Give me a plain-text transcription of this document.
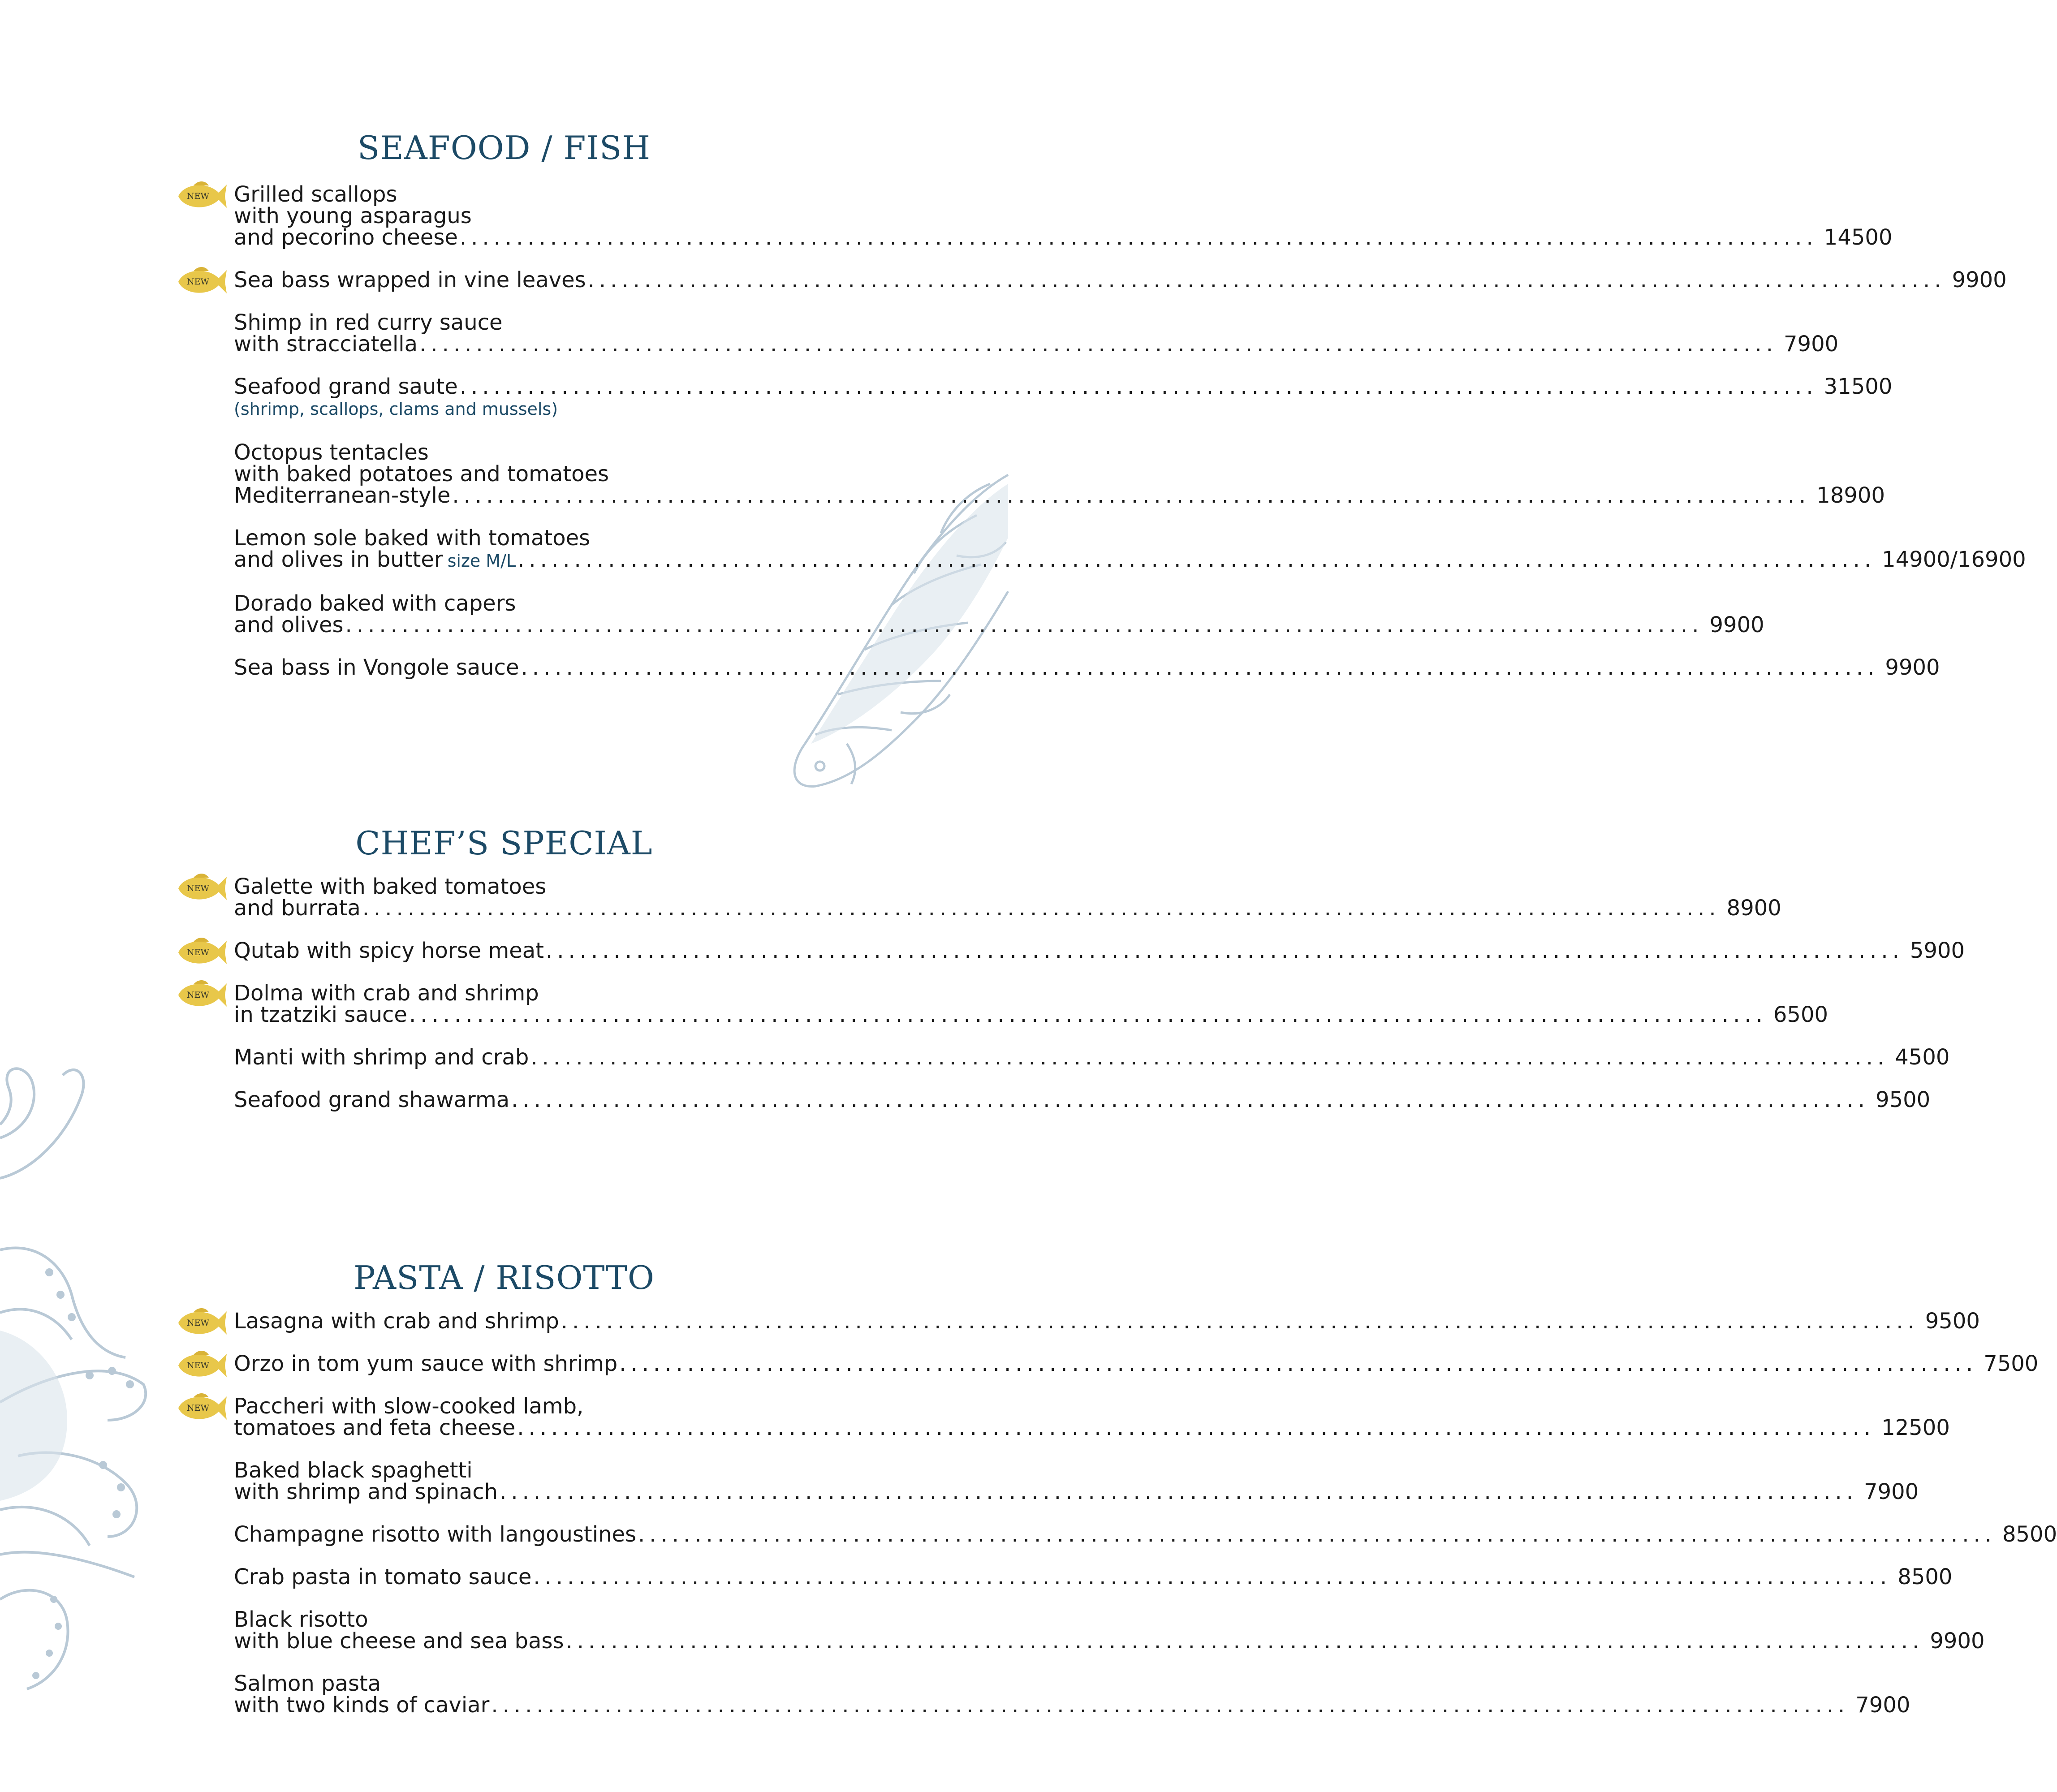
SEAFOOD / FISH
NEW Grilled scallops
with young asparagus
and pecorino cheese ........................................................................................................................ 14500
NEW Sea bass wrapped in vine leaves ........................................................................................................................ 9900
Shimp in red curry sauce
with stracciatella ........................................................................................................................ 7900
Seafood grand saute ........................................................................................................................ 31500
(shrimp, scallops, clams and mussels)
Octopus tentacles
with baked potatoes and tomatoes
Mediterranean-style ........................................................................................................................ 18900
Lemon sole baked with tomatoes
and olives in butter size M/L ........................................................................................................................ 14900/16900
Dorado baked with capers
and olives ........................................................................................................................ 9900
Sea bass in Vongole sauce ........................................................................................................................ 9900
CHEF’S SPECIAL
NEW Galette with baked tomatoes
and burrata ........................................................................................................................ 8900
NEW Qutab with spicy horse meat ........................................................................................................................ 5900
NEW Dolma with crab and shrimp
in tzatziki sauce ........................................................................................................................ 6500
Manti with shrimp and crab ........................................................................................................................ 4500
Seafood grand shawarma ........................................................................................................................ 9500
PASTA / RISOTTO
NEW Lasagna with crab and shrimp ........................................................................................................................ 9500
NEW Orzo in tom yum sauce with shrimp ........................................................................................................................ 7500
NEW Paccheri with slow-cooked lamb,
tomatoes and feta cheese ........................................................................................................................ 12500
Baked black spaghetti
with shrimp and spinach ........................................................................................................................ 7900
Champagne risotto with langoustines ........................................................................................................................ 8500
Crab pasta in tomato sauce ........................................................................................................................ 8500
Black risotto
with blue cheese and sea bass ........................................................................................................................ 9900
Salmon pasta
with two kinds of caviar ........................................................................................................................ 7900
